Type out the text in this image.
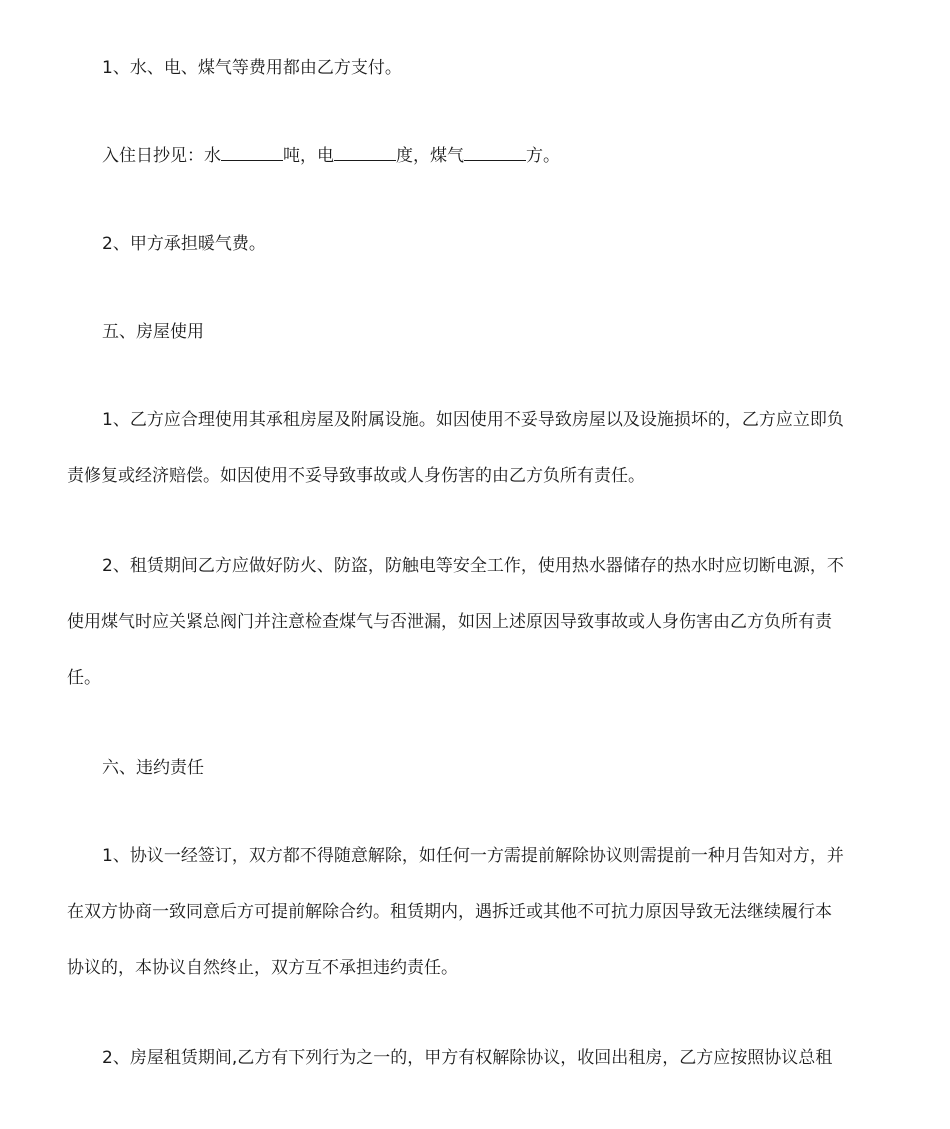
1、水、电、煤气等费用都由乙方支付。

入住日抄见：水	吨，电	度，煤气	方。

2、甲方承担暖气费。

五、房屋使用

1、乙方应合理使用其承租房屋及附属设施。如因使用不妥导致房屋以及设施损坏的，乙方应立即负
责修复或经济赔偿。如因使用不妥导致事故或人身伤害的由乙方负所有责任。

2、租赁期间乙方应做好防火、防盗，防触电等安全工作，使用热水器储存的热水时应切断电源，不
使用煤气时应关紧总阀门并注意检查煤气与否泄漏，如因上述原因导致事故或人身伤害由乙方负所有责
任。

六、违约责任

1、协议一经签订，双方都不得随意解除，如任何一方需提前解除协议则需提前一种月告知对方，并
在双方协商一致同意后方可提前解除合约。租赁期内，遇拆迁或其他不可抗力原因导致无法继续履行本
协议的，本协议自然终止，双方互不承担违约责任。

2、房屋租赁期间,乙方有下列行为之一的，甲方有权解除协议，收回出租房，乙方应按照协议总租
